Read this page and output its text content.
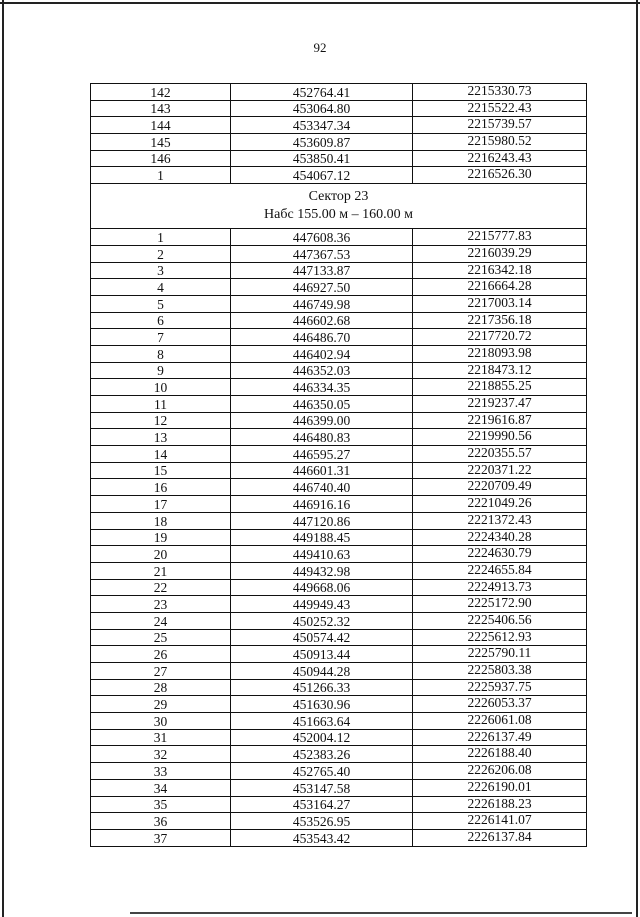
92
142	452764.41	2215330.73
143	453064.80	2215522.43
144	453347.34	2215739.57
145	453609.87	2215980.52
146	453850.41	2216243.43
1	454067.12	2216526.30

Сектор 23
Набс 155.00 м – 160.00 м		

1	447608.36	2215777.83
2	447367.53	2216039.29
3	447133.87	2216342.18
4	446927.50	2216664.28
5	446749.98	2217003.14
6	446602.68	2217356.18
7	446486.70	2217720.72
8	446402.94	2218093.98
9	446352.03	2218473.12
10	446334.35	2218855.25
11	446350.05	2219237.47
12	446399.00	2219616.87
13	446480.83	2219990.56
14	446595.27	2220355.57
15	446601.31	2220371.22
16	446740.40	2220709.49
17	446916.16	2221049.26
18	447120.86	2221372.43
19	449188.45	2224340.28
20	449410.63	2224630.79
21	449432.98	2224655.84
22	449668.06	2224913.73
23	449949.43	2225172.90
24	450252.32	2225406.56
25	450574.42	2225612.93
26	450913.44	2225790.11
27	450944.28	2225803.38
28	451266.33	2225937.75
29	451630.96	2226053.37
30	451663.64	2226061.08
31	452004.12	2226137.49
32	452383.26	2226188.40
33	452765.40	2226206.08
34	453147.58	2226190.01
35	453164.27	2226188.23
36	453526.95	2226141.07
37	453543.42	2226137.84
